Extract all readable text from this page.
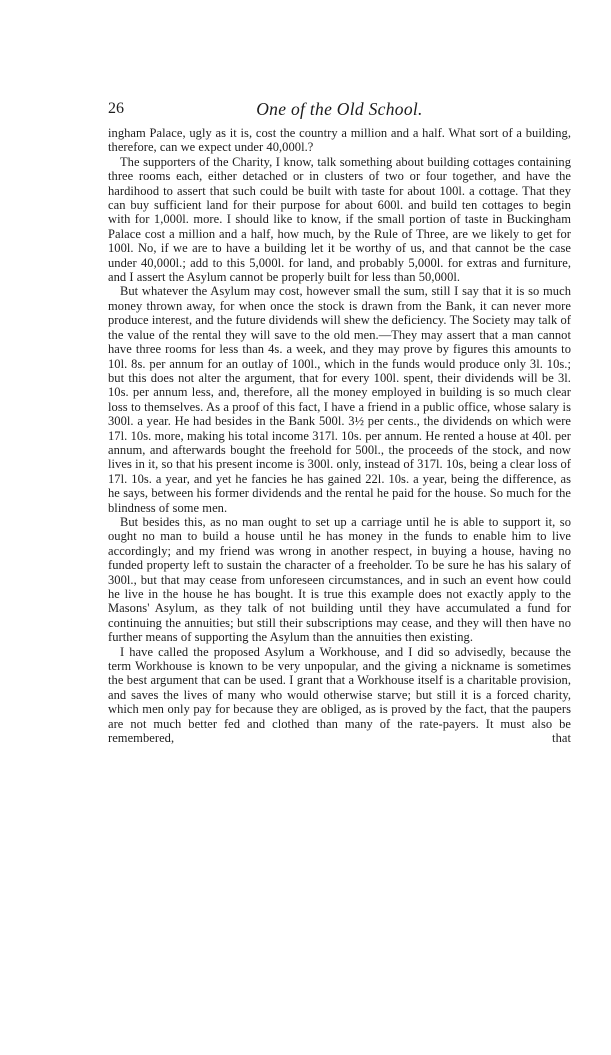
26	One of the Old School.

ingham Palace, ugly as it is, cost the country a million and a half. What sort of a building, therefore, can we expect under 40,000l.?

The supporters of the Charity, I know, talk something about building cottages containing three rooms each, either detached or in clusters of two or four together, and have the hardihood to assert that such could be built with taste for about 100l. a cottage. That they can buy sufficient land for their purpose for about 600l. and build ten cottages to begin with for 1,000l. more. I should like to know, if the small portion of taste in Buckingham Palace cost a million and a half, how much, by the Rule of Three, are we likely to get for 100l. No, if we are to have a building let it be worthy of us, and that cannot be the case under 40,000l.; add to this 5,000l. for land, and probably 5,000l. for extras and furniture, and I assert the Asylum cannot be properly built for less than 50,000l.

But whatever the Asylum may cost, however small the sum, still I say that it is so much money thrown away, for when once the stock is drawn from the Bank, it can never more produce interest, and the future dividends will shew the deficiency. The Society may talk of the value of the rental they will save to the old men.—They may assert that a man cannot have three rooms for less than 4s. a week, and they may prove by figures this amounts to 10l. 8s. per annum for an outlay of 100l., which in the funds would produce only 3l. 10s.; but this does not alter the argument, that for every 100l. spent, their dividends will be 3l. 10s. per annum less, and, therefore, all the money employed in building is so much clear loss to themselves. As a proof of this fact, I have a friend in a public office, whose salary is 300l. a year. He had besides in the Bank 500l. 3½ per cents., the dividends on which were 17l. 10s. more, making his total income 317l. 10s. per annum. He rented a house at 40l. per annum, and afterwards bought the freehold for 500l., the proceeds of the stock, and now lives in it, so that his present income is 300l. only, instead of 317l. 10s, being a clear loss of 17l. 10s. a year, and yet he fancies he has gained 22l. 10s. a year, being the difference, as he says, between his former dividends and the rental he paid for the house. So much for the blindness of some men.

But besides this, as no man ought to set up a carriage until he is able to support it, so ought no man to build a house until he has money in the funds to enable him to live accordingly; and my friend was wrong in another respect, in buying a house, having no funded property left to sustain the character of a freeholder. To be sure he has his salary of 300l., but that may cease from unforeseen circumstances, and in such an event how could he live in the house he has bought. It is true this example does not exactly apply to the Masons' Asylum, as they talk of not building until they have accumulated a fund for continuing the annuities; but still their subscriptions may cease, and they will then have no further means of supporting the Asylum than the annuities then existing.

I have called the proposed Asylum a Workhouse, and I did so advisedly, because the term Workhouse is known to be very unpopular, and the giving a nickname is sometimes the best argument that can be used. I grant that a Workhouse itself is a charitable provision, and saves the lives of many who would otherwise starve; but still it is a forced charity, which men only pay for because they are obliged, as is proved by the fact, that the paupers are not much better fed and clothed than many of the rate-payers. It must also be remembered, that
